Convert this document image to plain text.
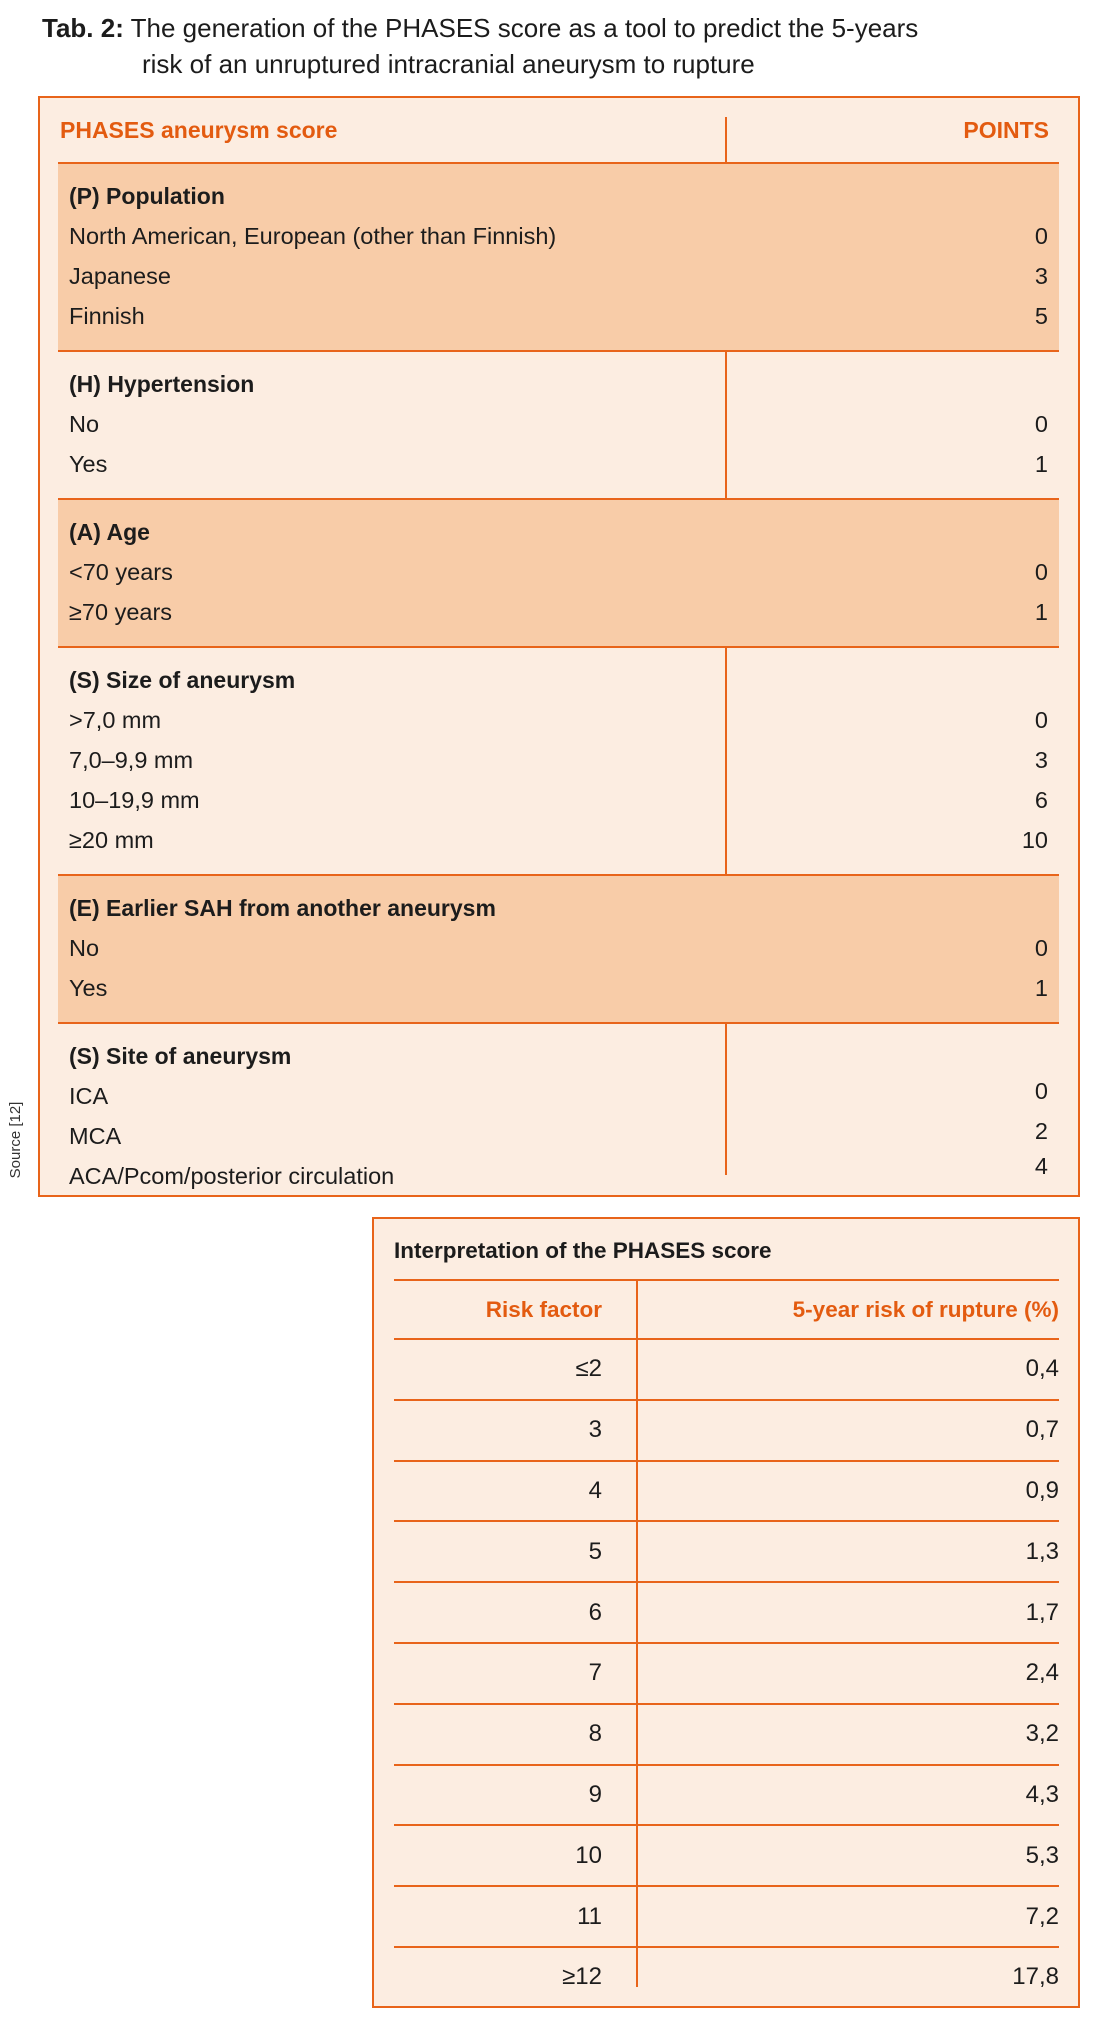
Tab. 2: The generation of the PHASES score as a tool to predict the 5-years
risk of an unruptured intracranial aneurysm to rupture
Source [12]
PHASES aneurysm score	POINTS
(P) Population
North American, European (other than Finnish)	0
Japanese	3
Finnish	5
(H) Hypertension
No	0
Yes	1
(A) Age
<70 years	0
≥70 years	1
(S) Size of aneurysm
>7,0 mm	0
7,0–9,9 mm	3
10–19,9 mm	6
≥20 mm	10
(E) Earlier SAH from another aneurysm
No	0
Yes	1
(S) Site of aneurysm
ICA	0
MCA	2
ACA/Pcom/posterior circulation	4
Interpretation of the PHASES score
Risk factor	5-year risk of rupture (%)
≤2	0,4
3	0,7
4	0,9
5	1,3
6	1,7
7	2,4
8	3,2
9	4,3
10	5,3
11	7,2
≥12	17,8
